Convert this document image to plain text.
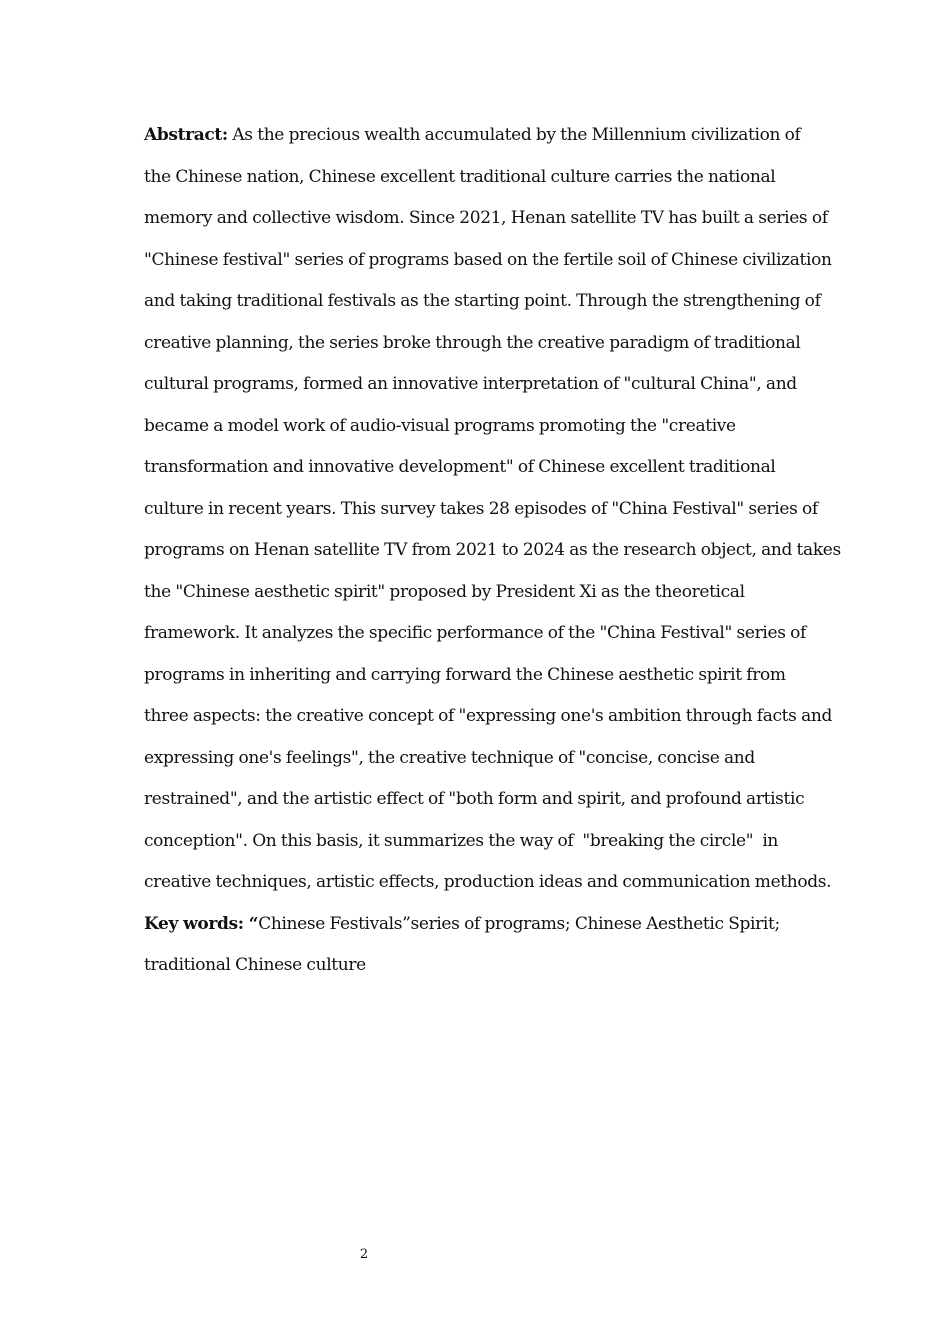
Abstract: As the precious wealth accumulated by the Millennium civilization of
the Chinese nation, Chinese excellent traditional culture carries the national
memory and collective wisdom. Since 2021, Henan satellite TV has built a series of
"Chinese festival" series of programs based on the fertile soil of Chinese civilization
and taking traditional festivals as the starting point. Through the strengthening of
creative planning, the series broke through the creative paradigm of traditional
cultural programs, formed an innovative interpretation of "cultural China", and
became a model work of audio-visual programs promoting the "creative
transformation and innovative development" of Chinese excellent traditional
culture in recent years. This survey takes 28 episodes of "China Festival" series of
programs on Henan satellite TV from 2021 to 2024 as the research object, and takes
the "Chinese aesthetic spirit" proposed by President Xi as the theoretical
framework. It analyzes the specific performance of the "China Festival" series of
programs in inheriting and carrying forward the Chinese aesthetic spirit from
three aspects: the creative concept of "expressing one's ambition through facts and
expressing one's feelings", the creative technique of "concise, concise and
restrained", and the artistic effect of "both form and spirit, and profound artistic
conception". On this basis, it summarizes the way of  "breaking the circle"  in
creative techniques, artistic effects, production ideas and communication methods.
Key words: “Chinese Festivals”series of programs; Chinese Aesthetic Spirit;
traditional Chinese culture
2
